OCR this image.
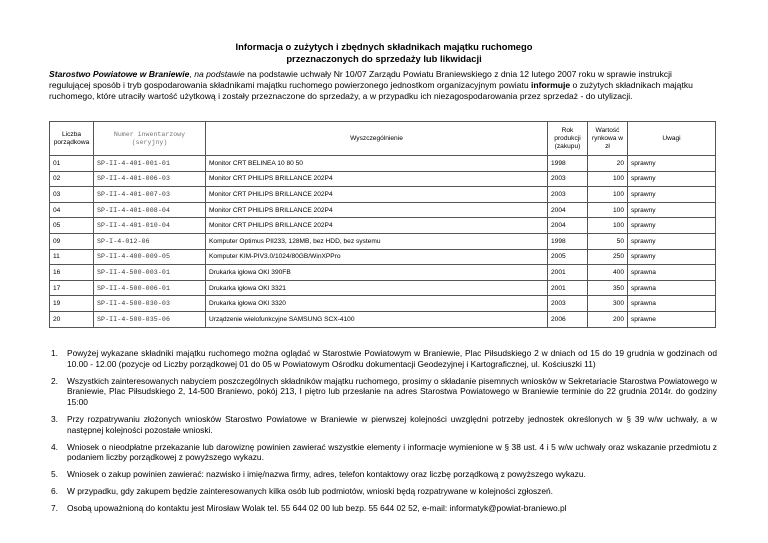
Informacja o zużytych i zbędnych składnikach majątku ruchomego
przeznaczonych do sprzedaży lub likwidacji
Starostwo Powiatowe w Braniewie, na podstawie na podstawie uchwały Nr 10/07 Zarządu Powiatu Braniewskiego z dnia 12 lutego 2007 roku w sprawie instrukcji regulującej sposób i tryb gospodarowania składnikami majątku ruchomego powierzonego jednostkom organizacyjnym powiatu informuje o zużytych składnikach majątku ruchomego, które utraciły wartość użytkową i zostały przeznaczone do sprzedaży, a w przypadku ich niezagospodarowania przez sprzedaż - do utylizacji.
Liczba porządkowa	Numer inwentarzowy (seryjny)	Wyszczególnienie	Rok produkcji (zakupu)	Wartość rynkowa w zł	Uwagi
01	SP-II-4-401-001-01	Monitor CRT BELINEA 10 80 50	1998	20	sprawny
02	SP-II-4-401-006-03	Monitor CRT PHILIPS BRILLANCE 202P4	2003	100	sprawny
03	SP-II-4-401-007-03	Monitor CRT PHILIPS BRILLANCE 202P4	2003	100	sprawny
04	SP-II-4-401-008-04	Monitor CRT PHILIPS BRILLANCE 202P4	2004	100	sprawny
05	SP-II-4-401-010-04	Monitor CRT PHILIPS BRILLANCE 202P4	2004	100	sprawny
09	SP-I-4-012-06	Komputer Optimus PII233, 128MB, bez HDD, bez systemu	1998	50	sprawny
11	SP-II-4-400-009-05	Komputer KIM-PIV3.0/1024/80GB/WinXPPro	2005	250	sprawny
16	SP-II-4-500-003-01	Drukarka igłowa OKI 390FB	2001	400	sprawna
17	SP-II-4-500-006-01	Drukarka igłowa OKI 3321	2001	350	sprawna
19	SP-II-4-500-030-03	Drukarka igłowa OKI 3320	2003	300	sprawna
20	SP-II-4-500-035-06	Urządzenie wielofunkcyjne SAMSUNG SCX-4100	2006	200	sprawne
1. Powyżej wykazane składniki majątku ruchomego można oglądać w Starostwie Powiatowym w Braniewie, Plac Piłsudskiego 2 w dniach od 15 do 19 grudnia w godzinach od 10.00 - 12.00 (pozycje od Liczby porządkowej 01 do 05 w Powiatowym Ośrodku dokumentacji Geodezyjnej i Kartograficznej, ul. Kościuszki 11)
2. Wszystkich zainteresowanych nabyciem poszczególnych składników majątku ruchomego, prosimy o składanie pisemnych wniosków w Sekretariacie Starostwa Powiatowego w Braniewie, Plac Piłsudskiego 2, 14-500 Braniewo, pokój 213, I piętro lub przesłanie na adres Starostwa Powiatowego w Braniewie terminie do 22 grudnia 2014r. do godziny 15:00
3. Przy rozpatrywaniu złożonych wniosków Starostwo Powiatowe w Braniewie w pierwszej kolejności uwzględni potrzeby jednostek określonych w § 39 w/w uchwały, a w następnej kolejności pozostałe wnioski.
4. Wniosek o nieodpłatne przekazanie lub darowiznę powinien zawierać wszystkie elementy i informacje wymienione w § 38 ust. 4 i 5 w/w uchwały oraz wskazanie przedmiotu z podaniem liczby porządkowej z powyższego wykazu.
5. Wniosek o zakup powinien zawierać: nazwisko i imię/nazwa firmy, adres, telefon kontaktowy oraz liczbę porządkową z powyższego wykazu.
6. W przypadku, gdy zakupem będzie zainteresowanych kilka osób lub podmiotów, wnioski będą rozpatrywane w kolejności zgłoszeń.
7. Osobą upoważnioną do kontaktu jest Mirosław Wolak tel. 55 644 02 00 lub bezp. 55 644 02 52, e-mail: informatyk@powiat-braniewo.pl
